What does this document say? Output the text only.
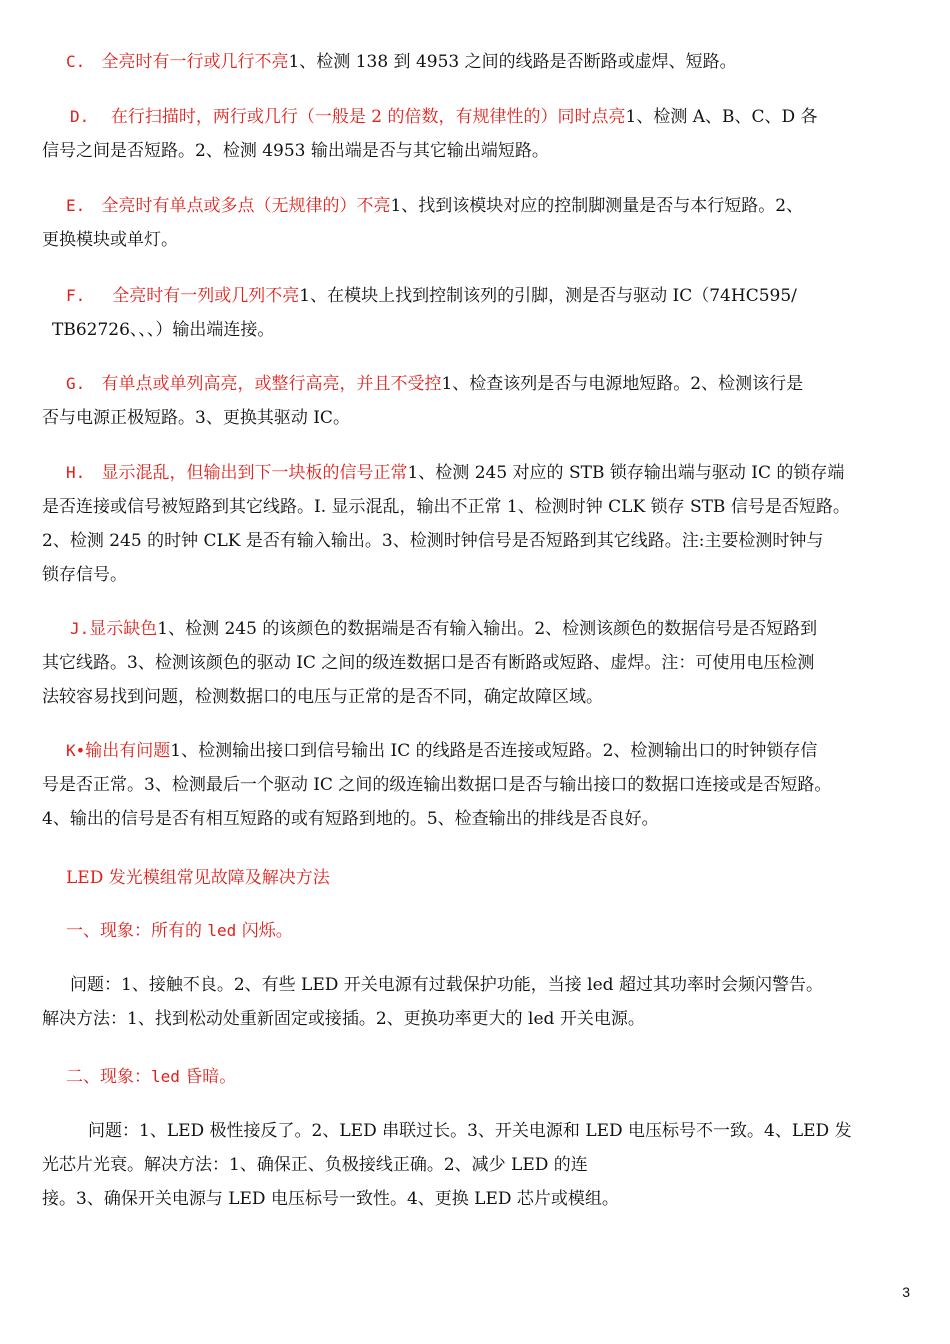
C. 全亮时有一行或几行不亮1、检测 138 到 4953 之间的线路是否断路或虚焊、短路。

D. 在行扫描时，两行或几行（一般是 2 的倍数，有规律性的）同时点亮1、检测 A、B、C、D 各
信号之间是否短路。2、检测 4953 输出端是否与其它输出端短路。

E. 全亮时有单点或多点（无规律的）不亮1、找到该模块对应的控制脚测量是否与本行短路。2、
更换模块或单灯。

F. 全亮时有一列或几列不亮1、在模块上找到控制该列的引脚，测是否与驱动 IC（74HC595/
TB62726、、、）输出端连接。

G. 有单点或单列高亮，或整行高亮，并且不受控1、检查该列是否与电源地短路。2、检测该行是
否与电源正极短路。3、更换其驱动 IC。

H. 显示混乱，但输出到下一块板的信号正常1、检测 245 对应的 STB 锁存输出端与驱动 IC 的锁存端
是否连接或信号被短路到其它线路。I. 显示混乱，输出不正常 1、检测时钟 CLK 锁存 STB 信号是否短路。
2、检测 245 的时钟 CLK 是否有输入输出。3、检测时钟信号是否短路到其它线路。注:主要检测时钟与
锁存信号。

J.显示缺色1、检测 245 的该颜色的数据端是否有输入输出。2、检测该颜色的数据信号是否短路到
其它线路。3、检测该颜色的驱动 IC 之间的级连数据口是否有断路或短路、虚焊。注：可使用电压检测
法较容易找到问题，检测数据口的电压与正常的是否不同，确定故障区域。

K•输出有问题1、检测输出接口到信号输出 IC 的线路是否连接或短路。2、检测输出口的时钟锁存信
号是否正常。3、检测最后一个驱动 IC 之间的级连输出数据口是否与输出接口的数据口连接或是否短路。
4、输出的信号是否有相互短路的或有短路到地的。5、检查输出的排线是否良好。

LED 发光模组常见故障及解决方法

一、现象：所有的 led 闪烁。

问题：1、接触不良。2、有些 LED 开关电源有过载保护功能，当接 led 超过其功率时会频闪警告。
解决方法：1、找到松动处重新固定或接插。2、更换功率更大的 led 开关电源。

二、现象：led 昏暗。

问题：1、LED 极性接反了。2、LED 串联过长。3、开关电源和 LED 电压标号不一致。4、LED 发
光芯片光衰。解决方法：1、确保正、负极接线正确。2、减少 LED 的连
接。3、确保开关电源与 LED 电压标号一致性。4、更换 LED 芯片或模组。

3
